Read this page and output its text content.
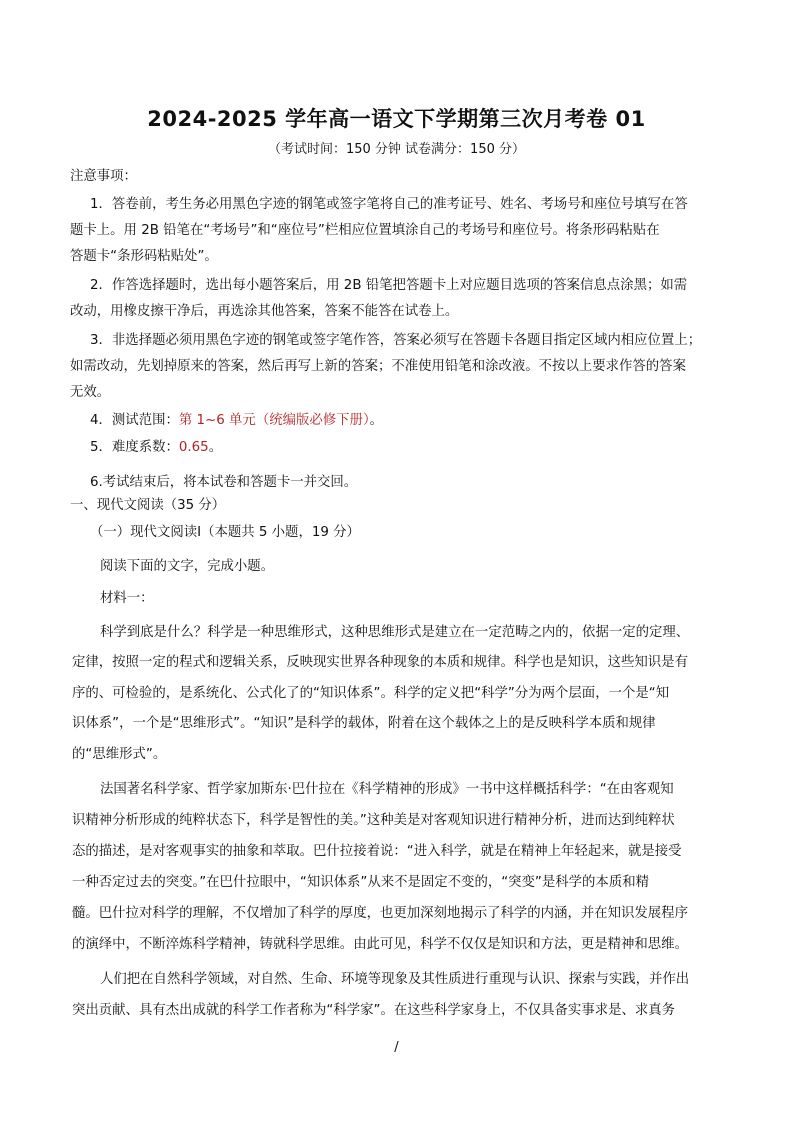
2024-2025 学年高一语文下学期第三次月考卷 01
（考试时间：150 分钟 试卷满分：150 分）
注意事项：
1．答卷前，考生务必用黑色字迹的钢笔或签字笔将自己的准考证号、姓名、考场号和座位号填写在答
题卡上。用 2B 铅笔在“考场号”和“座位号”栏相应位置填涂自己的考场号和座位号。将条形码粘贴在
答题卡“条形码粘贴处”。
2．作答选择题时，选出每小题答案后，用 2B 铅笔把答题卡上对应题目选项的答案信息点涂黑；如需
改动，用橡皮擦干净后，再选涂其他答案，答案不能答在试卷上。
3．非选择题必须用黑色字迹的钢笔或签字笔作答，答案必须写在答题卡各题目指定区域内相应位置上；
如需改动，先划掉原来的答案，然后再写上新的答案；不准使用铅笔和涂改液。不按以上要求作答的答案
无效。
4．测试范围：第 1~6 单元（统编版必修下册）。
5．难度系数：0.65。
6.考试结束后，将本试卷和答题卡一并交回。
一、现代文阅读（35 分）
（一）现代文阅读Ⅰ（本题共 5 小题，19 分）
阅读下面的文字，完成小题。
材料一：
科学到底是什么？科学是一种思维形式，这种思维形式是建立在一定范畴之内的，依据一定的定理、
定律，按照一定的程式和逻辑关系，反映现实世界各种现象的本质和规律。科学也是知识，这些知识是有
序的、可检验的，是系统化、公式化了的“知识体系”。科学的定义把“科学”分为两个层面，一个是“知
识体系”，一个是“思维形式”。“知识”是科学的载体，附着在这个载体之上的是反映科学本质和规律
的“思维形式”。
法国著名科学家、哲学家加斯东·巴什拉在《科学精神的形成》一书中这样概括科学：“在由客观知
识精神分析形成的纯粹状态下，科学是智性的美。”这种美是对客观知识进行精神分析，进而达到纯粹状
态的描述，是对客观事实的抽象和萃取。巴什拉接着说：“进入科学，就是在精神上年轻起来，就是接受
一种否定过去的突变。”在巴什拉眼中，“知识体系”从来不是固定不变的，“突变”是科学的本质和精
髓。巴什拉对科学的理解，不仅增加了科学的厚度，也更加深刻地揭示了科学的内涵，并在知识发展程序
的演绎中，不断淬炼科学精神，铸就科学思维。由此可见，科学不仅仅是知识和方法，更是精神和思维。
人们把在自然科学领域，对自然、生命、环境等现象及其性质进行重现与认识、探索与实践，并作出
突出贡献、具有杰出成就的科学工作者称为“科学家”。在这些科学家身上，不仅具备实事求是、求真务
/
